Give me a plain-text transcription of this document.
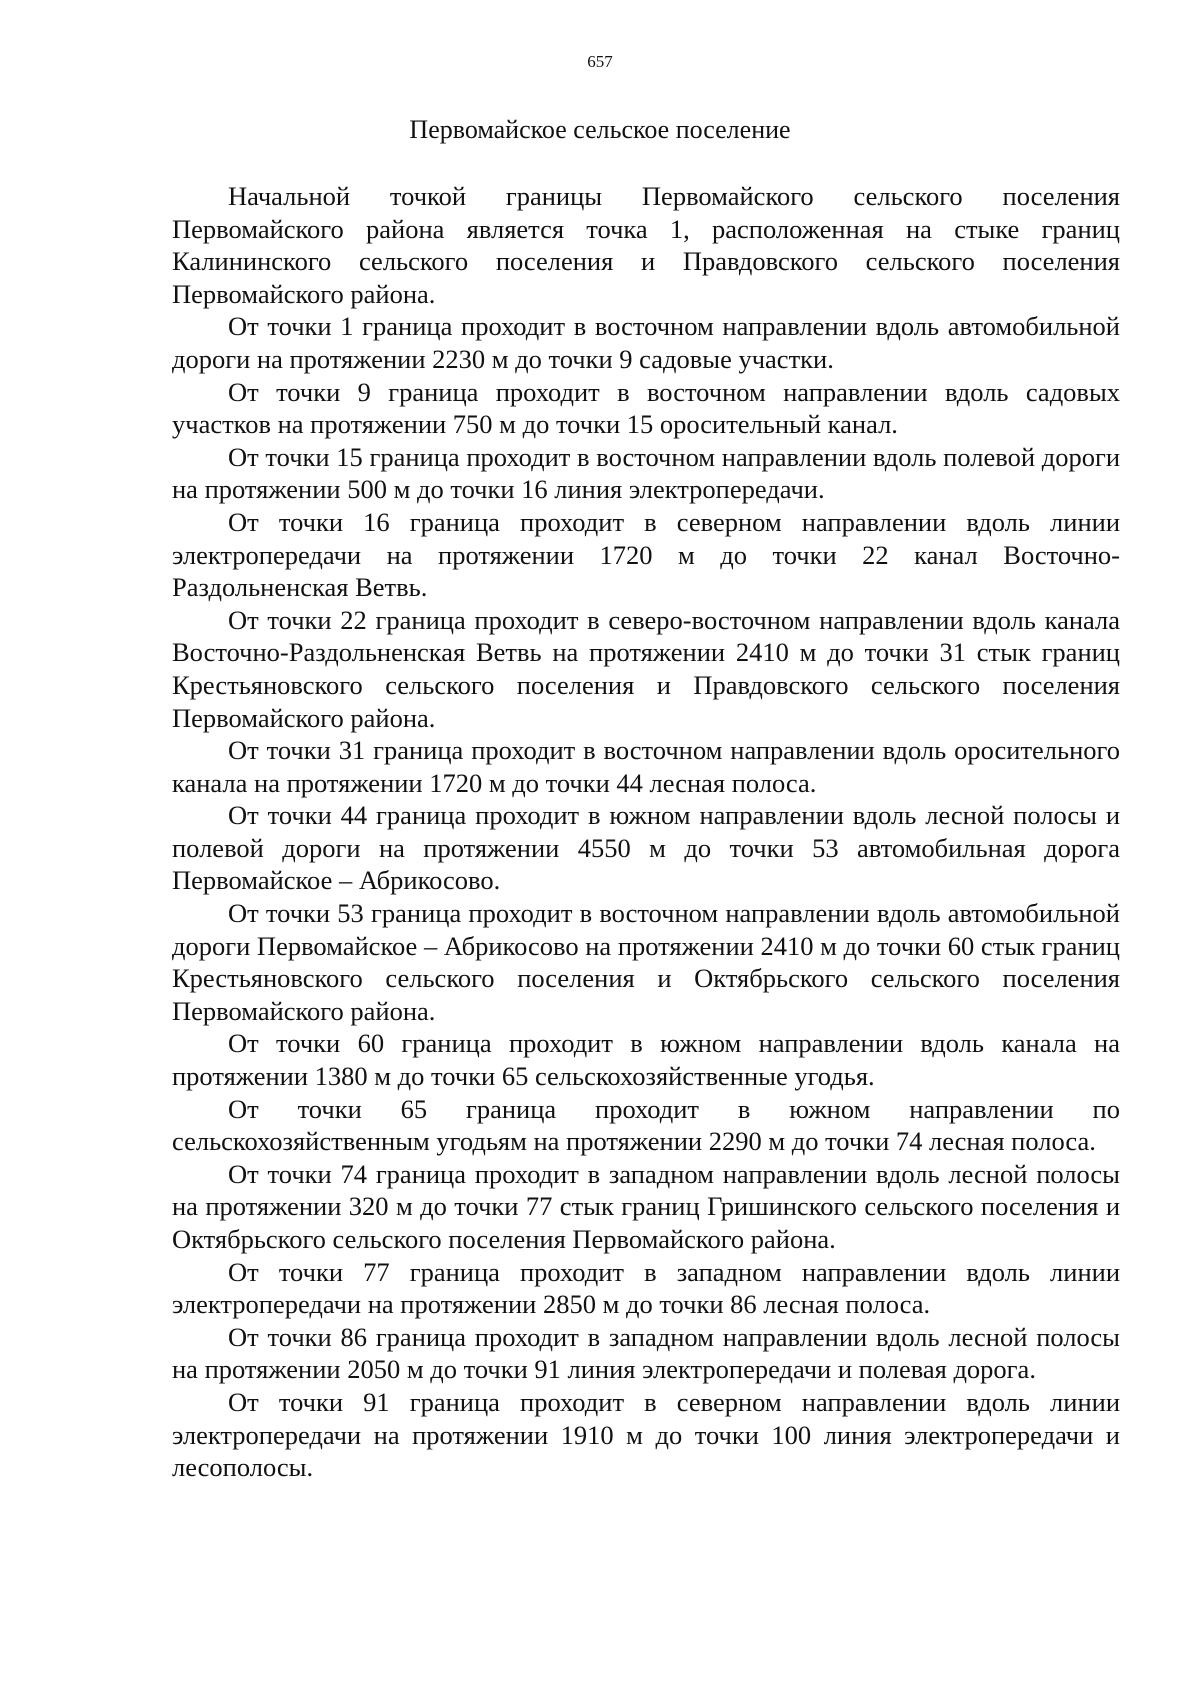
657
Первомайское сельское поселение

Начальной точкой границы Первомайского сельского поселения Первомайского района является точка 1, расположенная на стыке границ Калининского сельского поселения и Правдовского сельского поселения Первомайского района.

От точки 1 граница проходит в восточном направлении вдоль автомобильной дороги на протяжении 2230 м до точки 9 садовые участки.

От точки 9 граница проходит в восточном направлении вдоль садовых участков на протяжении 750 м до точки 15 оросительный канал.

От точки 15 граница проходит в восточном направлении вдоль полевой дороги на протяжении 500 м до точки 16 линия электропередачи.

От точки 16 граница проходит в северном направлении вдоль линии электропередачи на протяжении 1720 м до точки 22 канал Восточно-Раздольненская Ветвь.

От точки 22 граница проходит в северо-восточном направлении вдоль канала Восточно-Раздольненская Ветвь на протяжении 2410 м до точки 31 стык границ Крестьяновского сельского поселения и Правдовского сельского поселения Первомайского района.

От точки 31 граница проходит в восточном направлении вдоль оросительного канала на протяжении 1720 м до точки 44 лесная полоса.

От точки 44 граница проходит в южном направлении вдоль лесной полосы и полевой дороги на протяжении 4550 м до точки 53 автомобильная дорога Первомайское – Абрикосово.

От точки 53 граница проходит в восточном направлении вдоль автомобильной дороги Первомайское – Абрикосово на протяжении 2410 м до точки 60 стык границ Крестьяновского сельского поселения и Октябрьского сельского поселения Первомайского района.

От точки 60 граница проходит в южном направлении вдоль канала на протяжении 1380 м до точки 65 сельскохозяйственные угодья.

От точки 65 граница проходит в южном направлении по сельскохозяйственным угодьям на протяжении 2290 м до точки 74 лесная полоса.

От точки 74 граница проходит в западном направлении вдоль лесной полосы на протяжении 320 м до точки 77 стык границ Гришинского сельского поселения и Октябрьского сельского поселения Первомайского района.

От точки 77 граница проходит в западном направлении вдоль линии электропередачи на протяжении 2850 м до точки 86 лесная полоса.

От точки 86 граница проходит в западном направлении вдоль лесной полосы на протяжении 2050 м до точки 91 линия электропередачи и полевая дорога.

От точки 91 граница проходит в северном направлении вдоль линии электропередачи на протяжении 1910 м до точки 100 линия электропередачи и лесополосы.
